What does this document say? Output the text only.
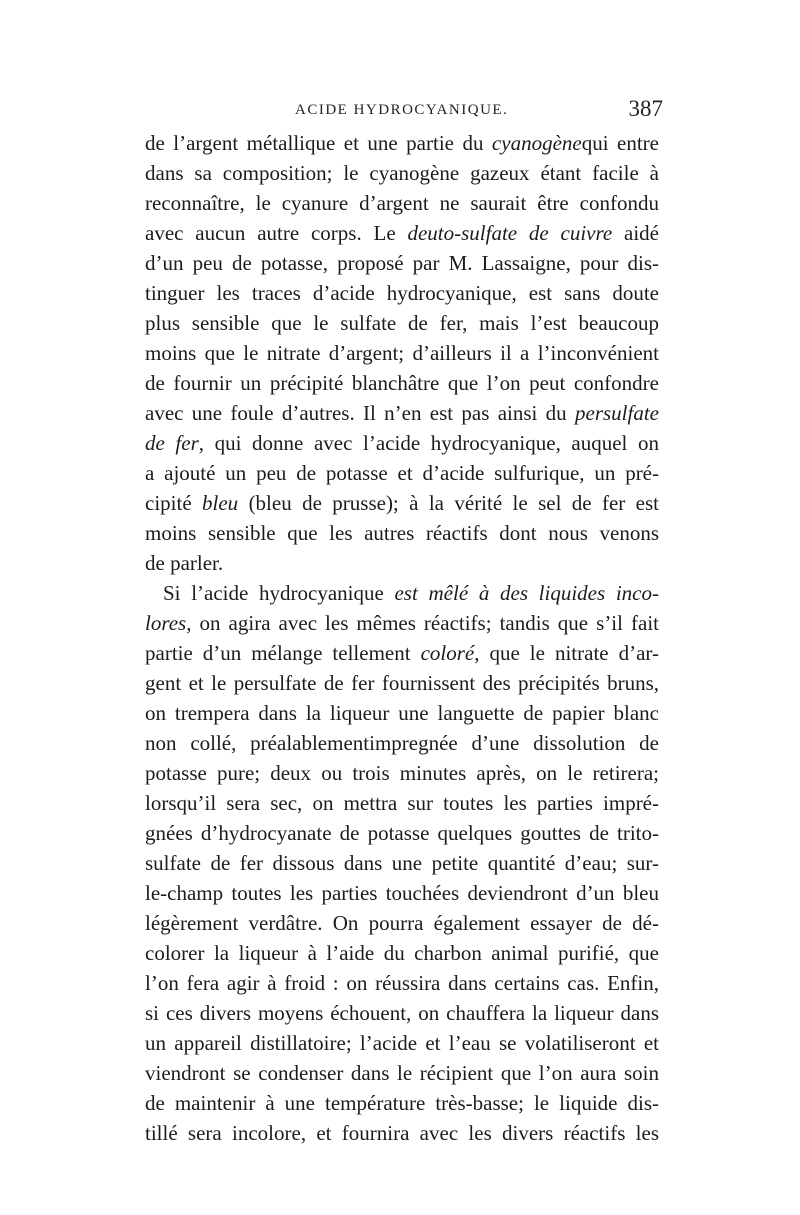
ACIDE HYDROCYANIQUE.	387
de l’argent métallique et une partie du cyanogènequi entre
dans sa composition; le cyanogène gazeux étant facile à
reconnaître, le cyanure d’argent ne saurait être confondu
avec aucun autre corps. Le deuto-sulfate de cuivre aidé
d’un peu de potasse, proposé par M. Lassaigne, pour dis-
tinguer les traces d’acide hydrocyanique, est sans doute
plus sensible que le sulfate de fer, mais l’est beaucoup
moins que le nitrate d’argent; d’ailleurs il a l’inconvénient
de fournir un précipité blanchâtre que l’on peut confondre
avec une foule d’autres. Il n’en est pas ainsi du persulfate
de fer, qui donne avec l’acide hydrocyanique, auquel on
a ajouté un peu de potasse et d’acide sulfurique, un pré-
cipité bleu (bleu de prusse); à la vérité le sel de fer est
moins sensible que les autres réactifs dont nous venons
de parler.
Si l’acide hydrocyanique est mêlé à des liquides inco-
lores, on agira avec les mêmes réactifs; tandis que s’il fait
partie d’un mélange tellement coloré, que le nitrate d’ar-
gent et le persulfate de fer fournissent des précipités bruns,
on trempera dans la liqueur une languette de papier blanc
non collé, préalablementimpregnée d’une dissolution de
potasse pure; deux ou trois minutes après, on le retirera;
lorsqu’il sera sec, on mettra sur toutes les parties impré-
gnées d’hydrocyanate de potasse quelques gouttes de trito-
sulfate de fer dissous dans une petite quantité d’eau; sur-
le-champ toutes les parties touchées deviendront d’un bleu
légèrement verdâtre. On pourra également essayer de dé-
colorer la liqueur à l’aide du charbon animal purifié, que
l’on fera agir à froid : on réussira dans certains cas. Enfin,
si ces divers moyens échouent, on chauffera la liqueur dans
un appareil distillatoire; l’acide et l’eau se volatiliseront et
viendront se condenser dans le récipient que l’on aura soin
de maintenir à une température très-basse; le liquide dis-
tillé sera incolore, et fournira avec les divers réactifs les
